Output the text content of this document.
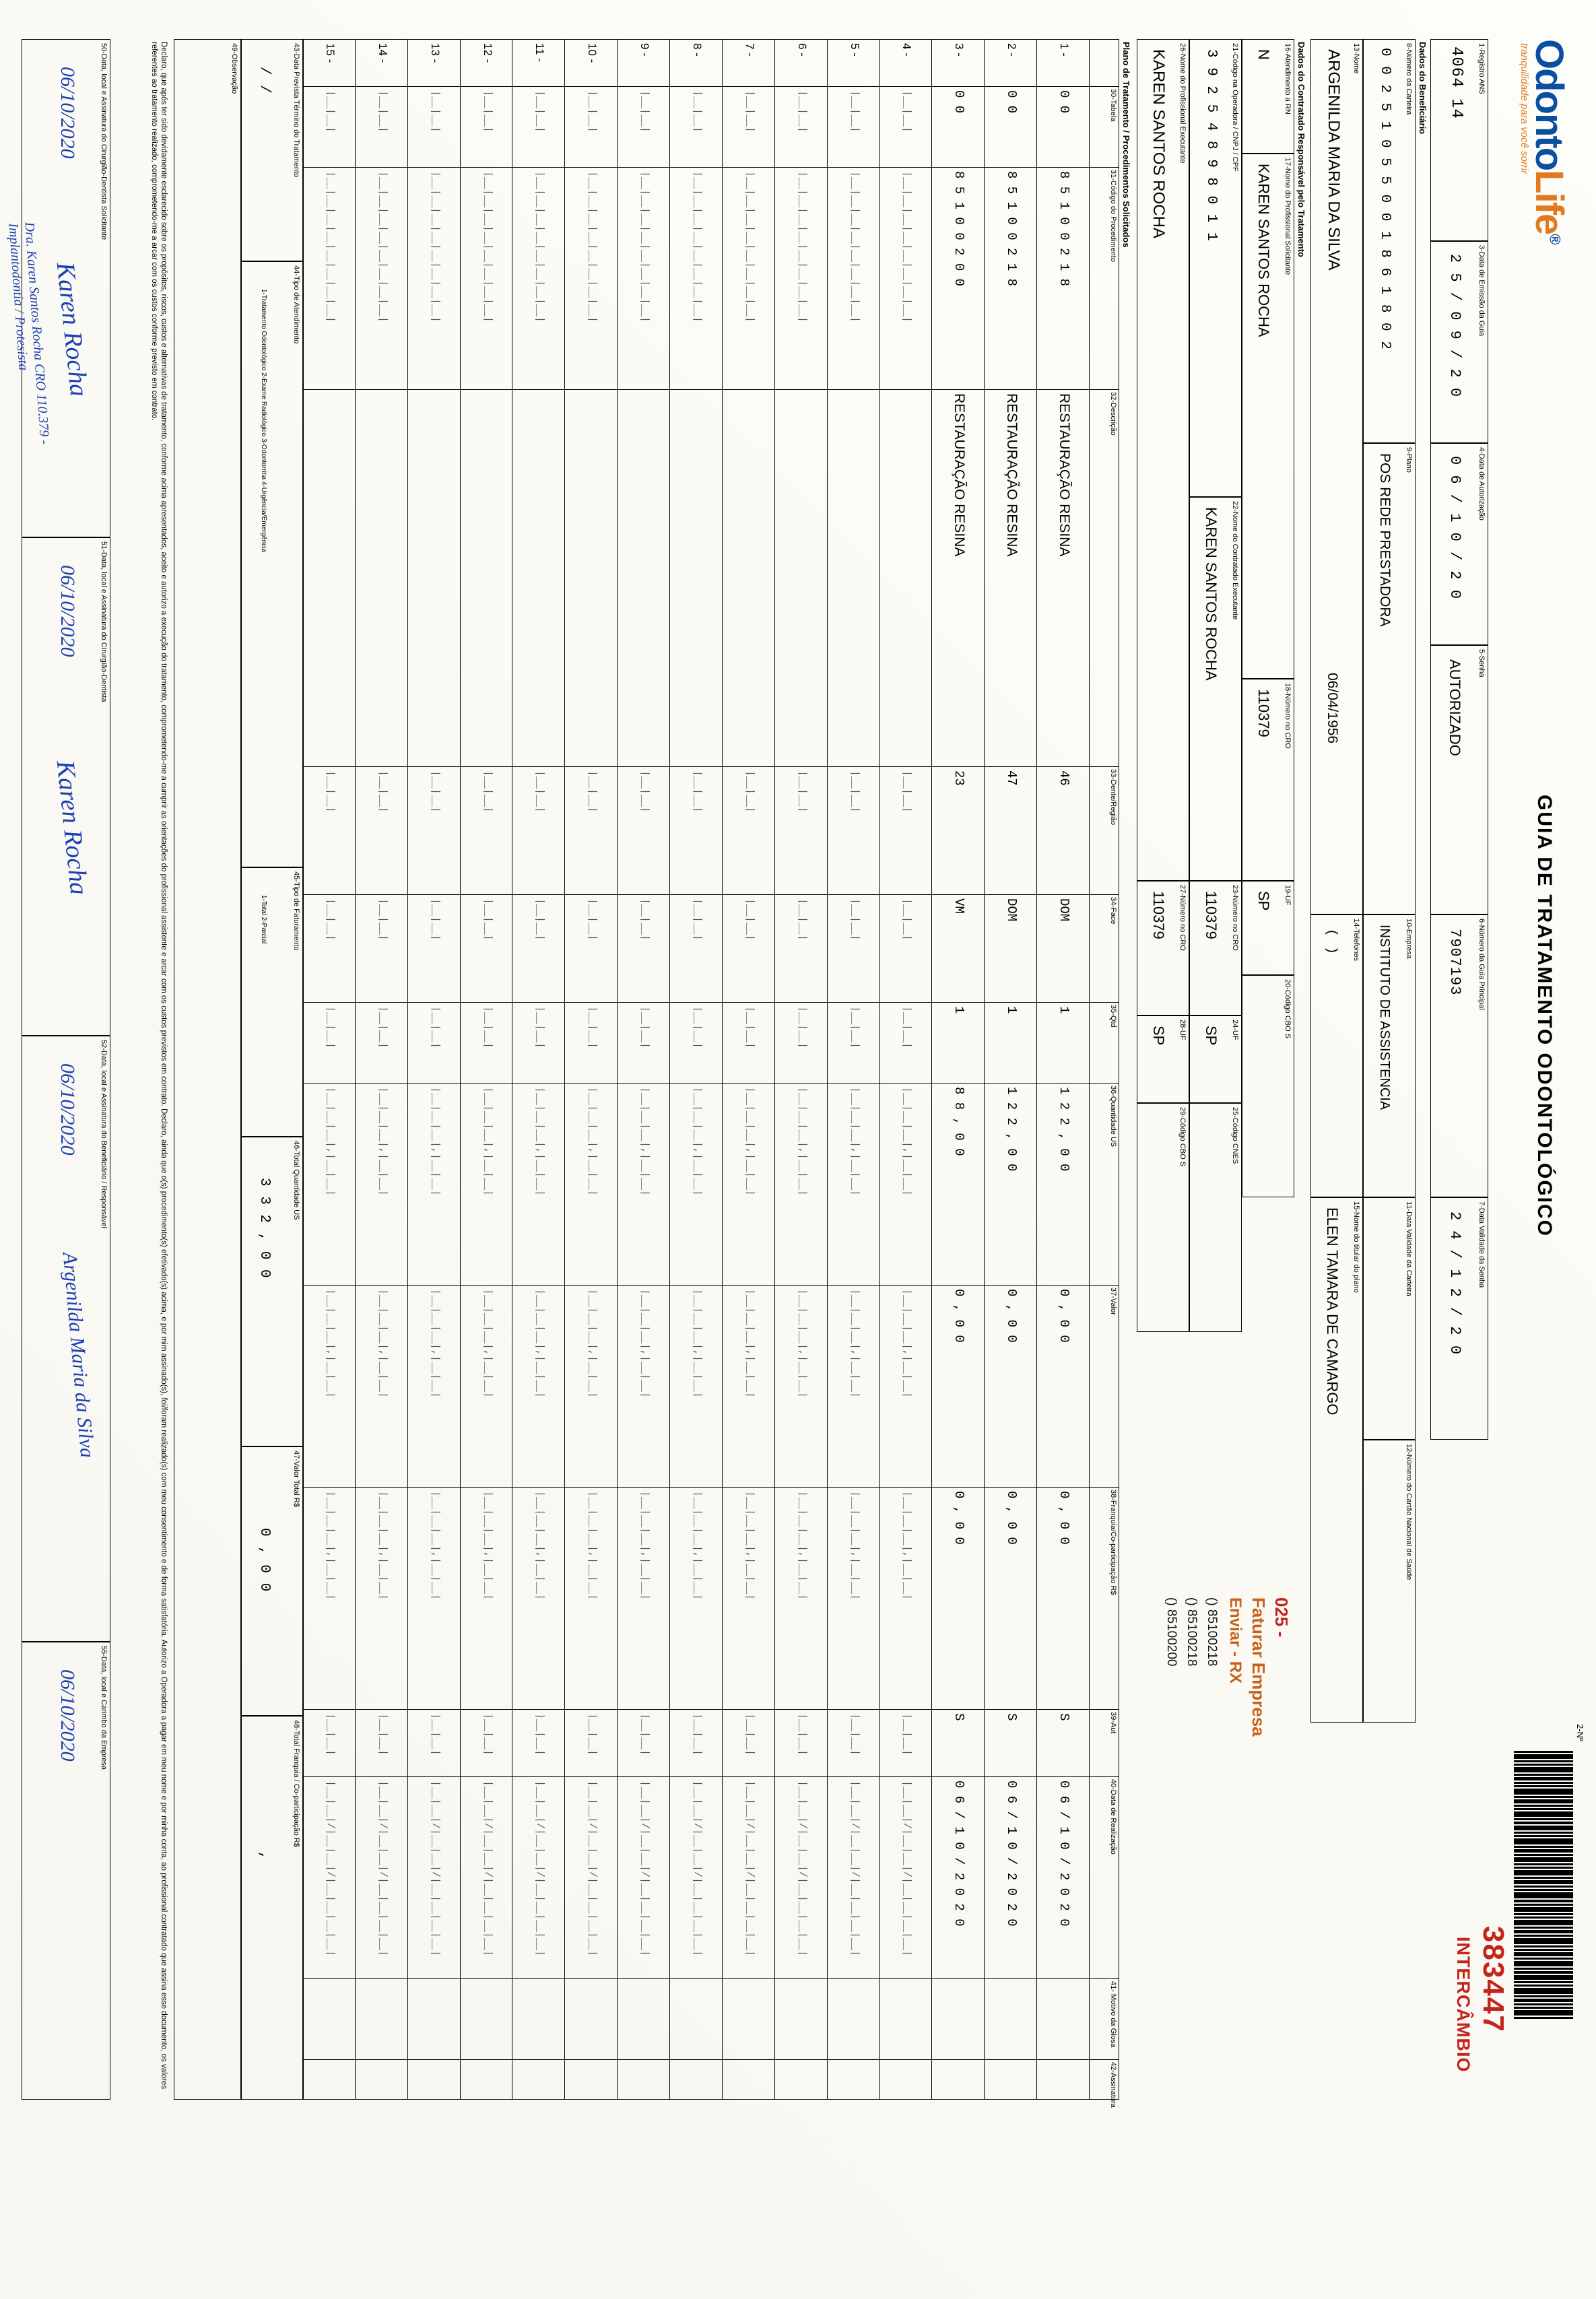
OdontoLife®
tranquilidade para você sorrir
GUIA DE TRATAMENTO ODONTOLÓGICO
2-Nº
383447
INTERCÂMBIO
1-Registro ANS
4064 14
3-Data de Emissão da Guia
2 5 / 0 9 / 2 0
4-Data de Autorização
0 6 / 1 0 / 2 0
5-Senha
AUTORIZADO
6-Número da Guia Principal
7907193
7-Data Validade da Senha
2 4 / 1 2 / 2 0
Dados do Beneficiário
8-Número da Carteira
0 0 2 5 1 0 5 5 0 0 1 8 6 1 8 0 2
9-Plano
POS REDE PRESTADORA
10-Empresa
INSTITUTO DE ASSISTENCIA
11-Data Validade da Carteira
12-Número do Cartão Nacional de Saúde
13-Nome
ARGENILDA MARIA DA SILVA
06/04/1956
14-Telefones
( )
15-Nome do titular do plano
ELEN TAMARA DE CAMARGO
Dados do Contratado Responsável pelo Tratamento
16-Atendimento a RN
N
17-Nome do Profissional Solicitante
KAREN SANTOS ROCHA
18-Número no CRO
110379
19-UF
SP
20-Código CBO S
21-Código na Operadora / CNPJ / CPF
3 9 2 5 4 8 9 8 0 1 1
22-Nome do Contratado Executante
KAREN SANTOS ROCHA
23-Número no CRO
110379
24-UF
SP
25-Código CNES
26-Nome do Profissional Executante
KAREN SANTOS ROCHA
27-Número no CRO
110379
28-UF
SP
29-Código CBO S
025 -
Faturar Empresa
Enviar - RX
() 85100218
() 85100218
() 85100200
Plano de Tratamento / Procedimentos Solicitados
30-Tabela
31-Código do Procedimento
32-Descrição
33-Dente/Região
34-Face
35-Qtd
36-Quantidade US
37-Valor
38-Franquia/Co-participação R$
39-Aut
40-Data de Realização
41- Motivo da Glosa
42-Assinatura
1 -
0 0
8 5 1 0 0 2 1 8
RESTAURAÇÃO RESINA
46
DOM
1
1 2 2 , 0 0
0 , 0 0
0 , 0 0
S
0 6 / 1 0 / 2 0 2 0
2 -
0 0
8 5 1 0 0 2 1 8
RESTAURAÇÃO RESINA
47
DOM
1
1 2 2 , 0 0
0 , 0 0
0 , 0 0
S
0 6 / 1 0 / 2 0 2 0
3 -
0 0
8 5 1 0 0 2 0 0
RESTAURAÇÃO RESINA
23
VM
1
8 8 , 0 0
0 , 0 0
0 , 0 0
S
0 6 / 1 0 / 2 0 2 0
4 -
|__|__|
|__|__|__|__|__|__|__|__|
|__|__|
|__|__|
|__|__|
|__|__|__|,|__|__|
|__|__|__|,|__|__|
|__|__|__|,|__|__|
|__|__|
|__|__|/|__|__|/|__|__|__|__|
5 -
|__|__|
|__|__|__|__|__|__|__|__|
|__|__|
|__|__|
|__|__|
|__|__|__|,|__|__|
|__|__|__|,|__|__|
|__|__|__|,|__|__|
|__|__|
|__|__|/|__|__|/|__|__|__|__|
6 -
|__|__|
|__|__|__|__|__|__|__|__|
|__|__|
|__|__|
|__|__|
|__|__|__|,|__|__|
|__|__|__|,|__|__|
|__|__|__|,|__|__|
|__|__|
|__|__|/|__|__|/|__|__|__|__|
7 -
|__|__|
|__|__|__|__|__|__|__|__|
|__|__|
|__|__|
|__|__|
|__|__|__|,|__|__|
|__|__|__|,|__|__|
|__|__|__|,|__|__|
|__|__|
|__|__|/|__|__|/|__|__|__|__|
8 -
|__|__|
|__|__|__|__|__|__|__|__|
|__|__|
|__|__|
|__|__|
|__|__|__|,|__|__|
|__|__|__|,|__|__|
|__|__|__|,|__|__|
|__|__|
|__|__|/|__|__|/|__|__|__|__|
9 -
|__|__|
|__|__|__|__|__|__|__|__|
|__|__|
|__|__|
|__|__|
|__|__|__|,|__|__|
|__|__|__|,|__|__|
|__|__|__|,|__|__|
|__|__|
|__|__|/|__|__|/|__|__|__|__|
10 -
|__|__|
|__|__|__|__|__|__|__|__|
|__|__|
|__|__|
|__|__|
|__|__|__|,|__|__|
|__|__|__|,|__|__|
|__|__|__|,|__|__|
|__|__|
|__|__|/|__|__|/|__|__|__|__|
11 -
|__|__|
|__|__|__|__|__|__|__|__|
|__|__|
|__|__|
|__|__|
|__|__|__|,|__|__|
|__|__|__|,|__|__|
|__|__|__|,|__|__|
|__|__|
|__|__|/|__|__|/|__|__|__|__|
12 -
|__|__|
|__|__|__|__|__|__|__|__|
|__|__|
|__|__|
|__|__|
|__|__|__|,|__|__|
|__|__|__|,|__|__|
|__|__|__|,|__|__|
|__|__|
|__|__|/|__|__|/|__|__|__|__|
13 -
|__|__|
|__|__|__|__|__|__|__|__|
|__|__|
|__|__|
|__|__|
|__|__|__|,|__|__|
|__|__|__|,|__|__|
|__|__|__|,|__|__|
|__|__|
|__|__|/|__|__|/|__|__|__|__|
14 -
|__|__|
|__|__|__|__|__|__|__|__|
|__|__|
|__|__|
|__|__|
|__|__|__|,|__|__|
|__|__|__|,|__|__|
|__|__|__|,|__|__|
|__|__|
|__|__|/|__|__|/|__|__|__|__|
15 -
|__|__|
|__|__|__|__|__|__|__|__|
|__|__|
|__|__|
|__|__|
|__|__|__|,|__|__|
|__|__|__|,|__|__|
|__|__|__|,|__|__|
|__|__|
|__|__|/|__|__|/|__|__|__|__|
43-Data Prevista Término do Tratamento
/ /
44-Tipo de Atendimento
1-Tratamento Odontológico 2-Exame Radiológico 3-Odontorritia 4-Urgência/Emergência
45-Tipo de Faturamento
1-Total 2-Parcial
46-Total Quantidade US
3 3 2 , 0 0
47-Valor Total R$
0 , 0 0
48-Total Franquia / Co-participação R$
,
49-Observação
Declaro, que após ter sido devidamente esclarecido sobre os propósitos, riscos, custos e alternativas de tratamento, conforme acima apresentados, aceito e autorizo a execução do tratamento, comprometendo-me a cumprir as orientações do profissional assistente e arcar com os custos previstos em contrato. Declaro, ainda que o(s) procedimento(s) efetivado(s) acima, e por mim assinado(s), foi/foram realizado(s) com meu consentimento e de forma satisfatória. Autorizo a Operadora a pagar em meu nome e por minha conta, ao profissional contratado que assina esse documento, os valores referentes ao tratamento realizado, comprometendo-me a arcar com os custos conforme previsto em contrato.
50-Data, local e Assinatura do Cirurgião-Dentista Solicitante
06/10/2020
Karen Rocha
51-Data, local e Assinatura do Cirurgião-Dentista
06/10/2020
Karen Rocha
52-Data, local e Assinatura do Beneficiário / Responsável
06/10/2020
Argenilda Maria da Silva
55-Data, local e Carimbo da Empresa
06/10/2020
Dra. Karen Santos Rocha CRO 110.379 - Implantodontia / Protesista
